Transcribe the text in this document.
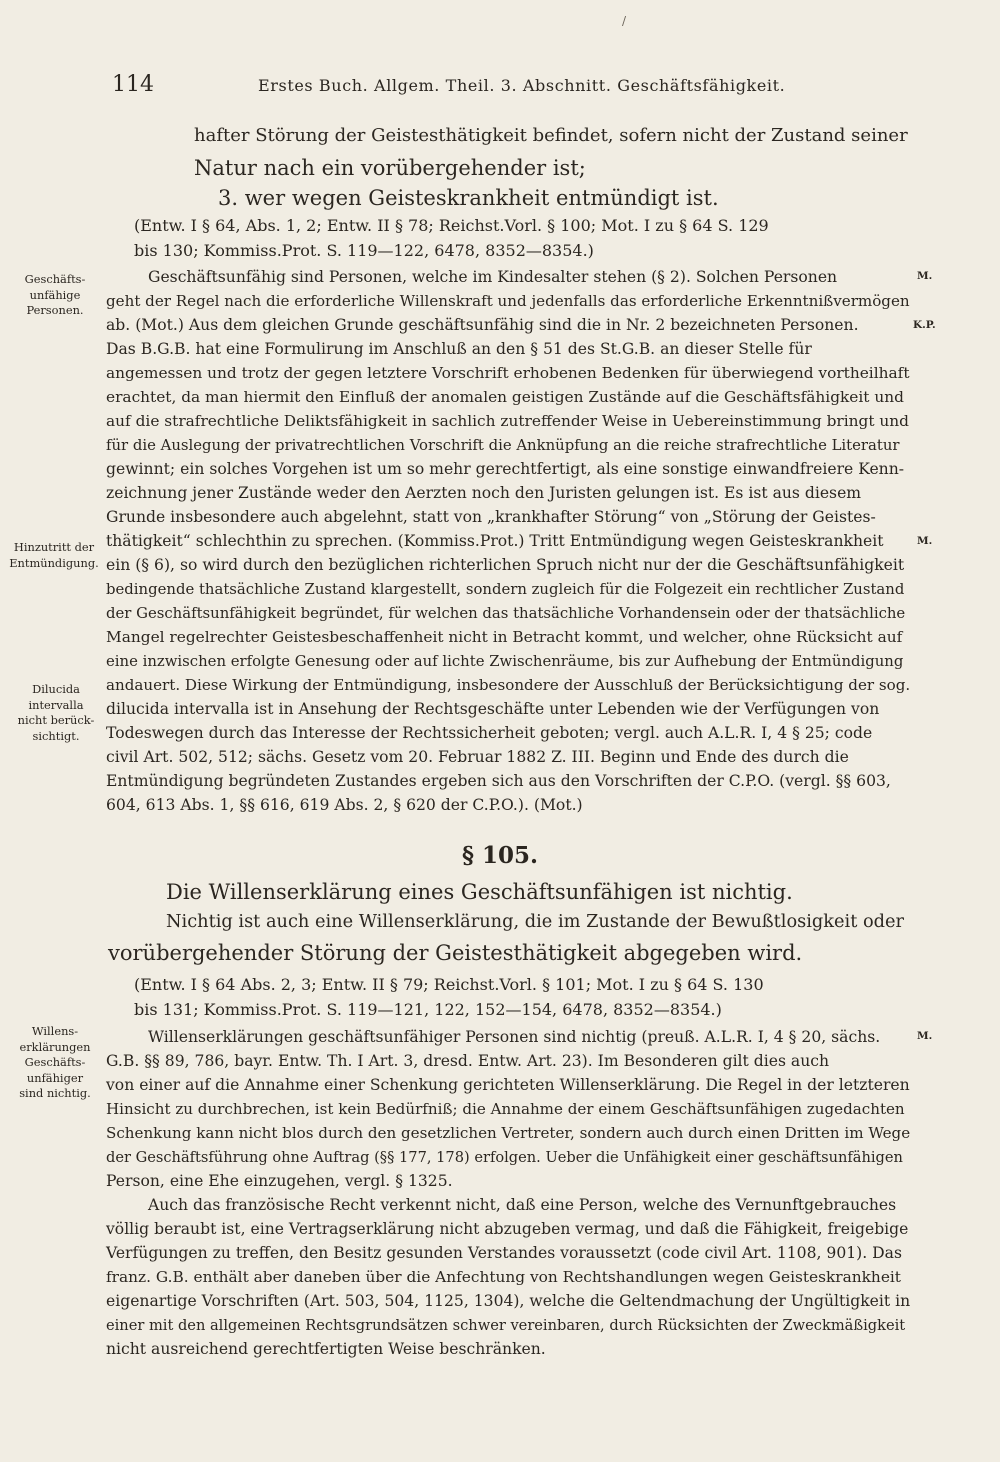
/
114	Erstes Buch. Allgem. Theil. 3. Abschnitt. Geschäftsfähigkeit.
hafter Störung der Geistesthätigkeit befindet, sofern nicht der Zustand seiner
Natur nach ein vorübergehender ist;
3. wer wegen Geisteskrankheit entmündigt ist.
(Entw. I § 64, Abs. 1, 2; Entw. II § 78; Reichst.Vorl. § 100; Mot. I zu § 64 S. 129
bis 130; Kommiss.Prot. S. 119—122, 6478, 8352—8354.)
Geschäfts-
unfähige
Personen.
Hinzutritt der
Entmündigung.
Dilucida
intervalla
nicht berück-
sichtigt.
Willens-
erklärungen
Geschäfts-
unfähiger
sind nichtig.
M.
K.P.
M.
M.
Geschäftsunfähig sind Personen, welche im Kindesalter stehen (§ 2). Solchen Personen
geht der Regel nach die erforderliche Willenskraft und jedenfalls das erforderliche Erkenntnißvermögen
ab. (Mot.) Aus dem gleichen Grunde geschäftsunfähig sind die in Nr. 2 bezeichneten Personen.
Das B.G.B. hat eine Formulirung im Anschluß an den § 51 des St.G.B. an dieser Stelle für
angemessen und trotz der gegen letztere Vorschrift erhobenen Bedenken für überwiegend vortheilhaft
erachtet, da man hiermit den Einfluß der anomalen geistigen Zustände auf die Geschäftsfähigkeit und
auf die strafrechtliche Deliktsfähigkeit in sachlich zutreffender Weise in Uebereinstimmung bringt und
für die Auslegung der privatrechtlichen Vorschrift die Anknüpfung an die reiche strafrechtliche Literatur
gewinnt; ein solches Vorgehen ist um so mehr gerechtfertigt, als eine sonstige einwandfreiere Kenn-
zeichnung jener Zustände weder den Aerzten noch den Juristen gelungen ist. Es ist aus diesem
Grunde insbesondere auch abgelehnt, statt von „krankhafter Störung“ von „Störung der Geistes-
thätigkeit“ schlechthin zu sprechen. (Kommiss.Prot.) Tritt Entmündigung wegen Geisteskrankheit
ein (§ 6), so wird durch den bezüglichen richterlichen Spruch nicht nur der die Geschäftsunfähigkeit
bedingende thatsächliche Zustand klargestellt, sondern zugleich für die Folgezeit ein rechtlicher Zustand
der Geschäftsunfähigkeit begründet, für welchen das thatsächliche Vorhandensein oder der thatsächliche
Mangel regelrechter Geistesbeschaffenheit nicht in Betracht kommt, und welcher, ohne Rücksicht auf
eine inzwischen erfolgte Genesung oder auf lichte Zwischenräume, bis zur Aufhebung der Entmündigung
andauert. Diese Wirkung der Entmündigung, insbesondere der Ausschluß der Berücksichtigung der sog.
dilucida intervalla ist in Ansehung der Rechtsgeschäfte unter Lebenden wie der Verfügungen von
Todeswegen durch das Interesse der Rechtssicherheit geboten; vergl. auch A.L.R. I, 4 § 25; code
civil Art. 502, 512; sächs. Gesetz vom 20. Februar 1882 Z. III. Beginn und Ende des durch die
Entmündigung begründeten Zustandes ergeben sich aus den Vorschriften der C.P.O. (vergl. §§ 603,
604, 613 Abs. 1, §§ 616, 619 Abs. 2, § 620 der C.P.O.). (Mot.)
§ 105.
Die Willenserklärung eines Geschäftsunfähigen ist nichtig.
Nichtig ist auch eine Willenserklärung, die im Zustande der Bewußtlosigkeit oder
vorübergehender Störung der Geistesthätigkeit abgegeben wird.
(Entw. I § 64 Abs. 2, 3; Entw. II § 79; Reichst.Vorl. § 101; Mot. I zu § 64 S. 130
bis 131; Kommiss.Prot. S. 119—121, 122, 152—154, 6478, 8352—8354.)
Willenserklärungen geschäftsunfähiger Personen sind nichtig (preuß. A.L.R. I, 4 § 20, sächs.
G.B. §§ 89, 786, bayr. Entw. Th. I Art. 3, dresd. Entw. Art. 23). Im Besonderen gilt dies auch
von einer auf die Annahme einer Schenkung gerichteten Willenserklärung. Die Regel in der letzteren
Hinsicht zu durchbrechen, ist kein Bedürfniß; die Annahme der einem Geschäftsunfähigen zugedachten
Schenkung kann nicht blos durch den gesetzlichen Vertreter, sondern auch durch einen Dritten im Wege
der Geschäftsführung ohne Auftrag (§§ 177, 178) erfolgen. Ueber die Unfähigkeit einer geschäftsunfähigen
Person, eine Ehe einzugehen, vergl. § 1325.
Auch das französische Recht verkennt nicht, daß eine Person, welche des Vernunftgebrauches
völlig beraubt ist, eine Vertragserklärung nicht abzugeben vermag, und daß die Fähigkeit, freigebige
Verfügungen zu treffen, den Besitz gesunden Verstandes voraussetzt (code civil Art. 1108, 901). Das
franz. G.B. enthält aber daneben über die Anfechtung von Rechtshandlungen wegen Geisteskrankheit
eigenartige Vorschriften (Art. 503, 504, 1125, 1304), welche die Geltendmachung der Ungültigkeit in
einer mit den allgemeinen Rechtsgrundsätzen schwer vereinbaren, durch Rücksichten der Zweckmäßigkeit
nicht ausreichend gerechtfertigten Weise beschränken.
